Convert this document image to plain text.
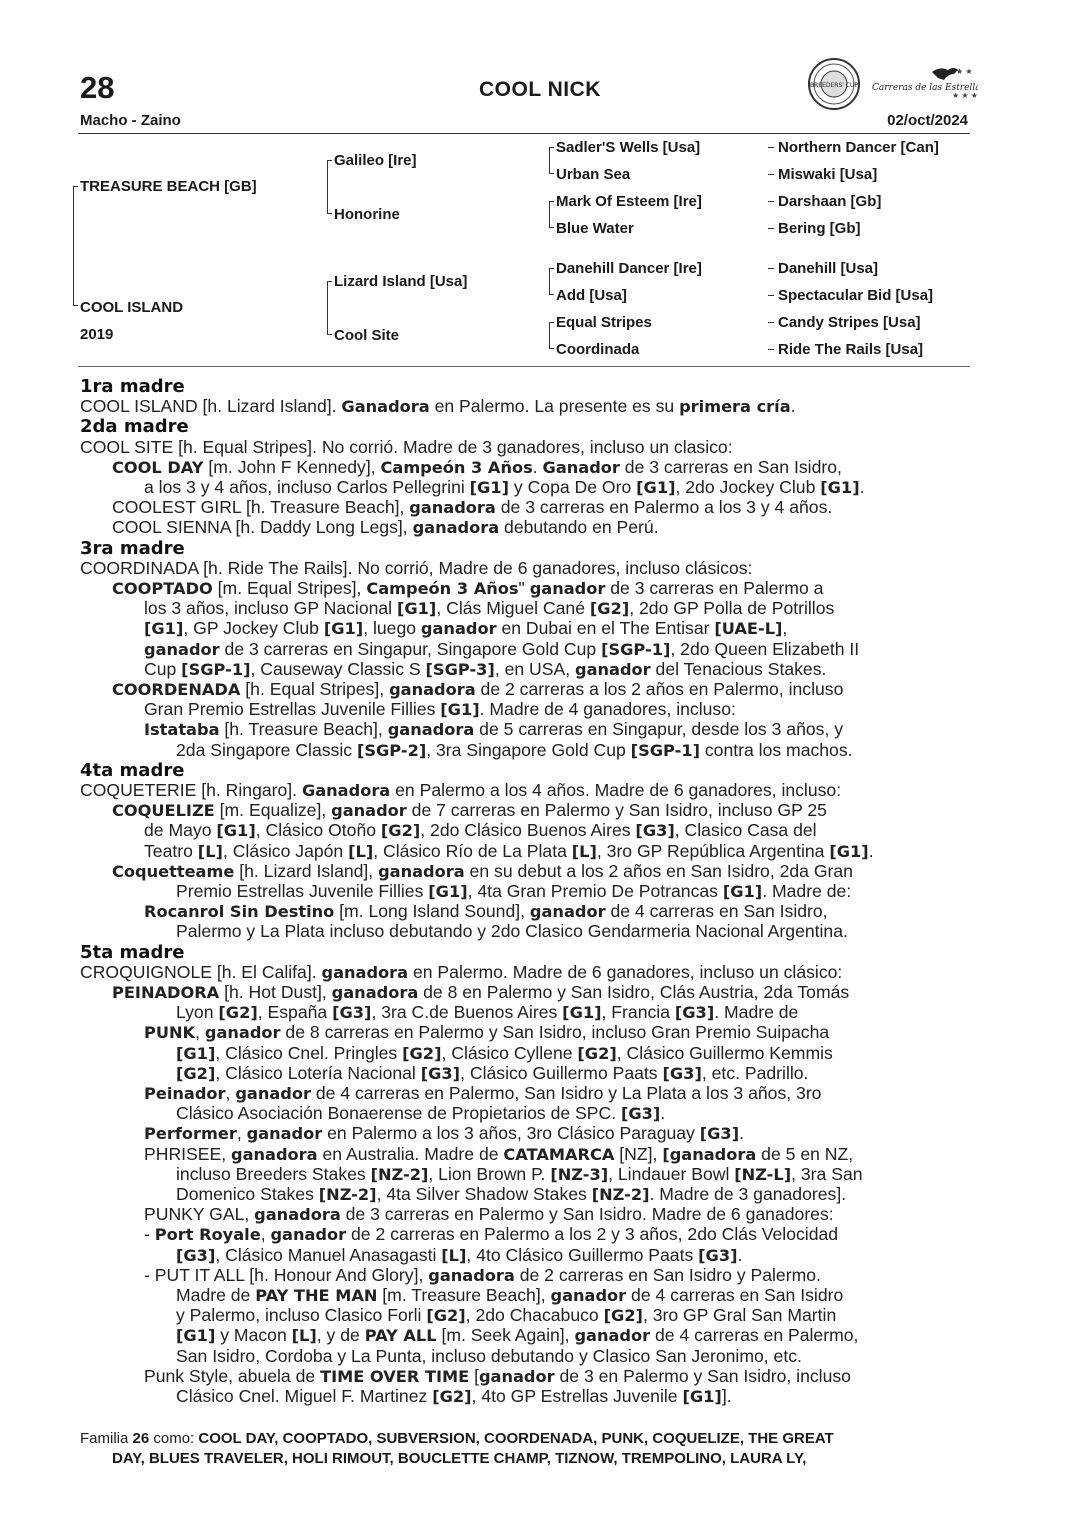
28	COOL NICK
Macho - Zaino	02/oct/2024
BREEDERS' CUP Carreras de las Estrellas
★ ★
★ ★ ★
TREASURE BEACH [GB]
COOL ISLAND
2019
Galileo [Ire]
Honorine
Lizard Island [Usa]
Cool Site
Sadler'S Wells [Usa]
Urban Sea
Mark Of Esteem [Ire]
Blue Water
Danehill Dancer [Ire]
Add [Usa]
Equal Stripes
Coordinada
Northern Dancer [Can]
Miswaki [Usa]
Darshaan [Gb]
Bering [Gb]
Danehill [Usa]
Spectacular Bid [Usa]
Candy Stripes [Usa]
Ride The Rails [Usa]
1ra madre
COOL ISLAND [h. Lizard Island]. Ganadora en Palermo. La presente es su primera cría.
2da madre
COOL SITE [h. Equal Stripes]. No corrió. Madre de 3 ganadores, incluso un clasico:
COOL DAY [m. John F Kennedy], Campeón 3 Años. Ganador de 3 carreras en San Isidro,
a los 3 y 4 años, incluso Carlos Pellegrini [G1] y Copa De Oro [G1], 2do Jockey Club [G1].
COOLEST GIRL [h. Treasure Beach], ganadora de 3 carreras en Palermo a los 3 y 4 años.
COOL SIENNA [h. Daddy Long Legs], ganadora debutando en Perú.
3ra madre
COORDINADA [h. Ride The Rails]. No corrió, Madre de 6 ganadores, incluso clásicos:
COOPTADO [m. Equal Stripes], Campeón 3 Años" ganador de 3 carreras en Palermo a
los 3 años, incluso GP Nacional [G1], Clás Miguel Cané [G2], 2do GP Polla de Potrillos
[G1], GP Jockey Club [G1], luego ganador en Dubai en el The Entisar [UAE-L],
ganador de 3 carreras en Singapur, Singapore Gold Cup [SGP-1], 2do Queen Elizabeth II
Cup [SGP-1], Causeway Classic S [SGP-3], en USA, ganador del Tenacious Stakes.
COORDENADA [h. Equal Stripes], ganadora de 2 carreras a los 2 años en Palermo, incluso
Gran Premio Estrellas Juvenile Fillies [G1]. Madre de 4 ganadores, incluso:
Istataba [h. Treasure Beach], ganadora de 5 carreras en Singapur, desde los 3 años, y
2da Singapore Classic [SGP-2], 3ra Singapore Gold Cup [SGP-1] contra los machos.
4ta madre
COQUETERIE [h. Ringaro]. Ganadora en Palermo a los 4 años. Madre de 6 ganadores, incluso:
COQUELIZE [m. Equalize], ganador de 7 carreras en Palermo y San Isidro, incluso GP 25
de Mayo [G1], Clásico Otoño [G2], 2do Clásico Buenos Aires [G3], Clasico Casa del
Teatro [L], Clásico Japón [L], Clásico Río de La Plata [L], 3ro GP República Argentina [G1].
Coquetteame [h. Lizard Island], ganadora en su debut a los 2 años en San Isidro, 2da Gran
Premio Estrellas Juvenile Fillies [G1], 4ta Gran Premio De Potrancas [G1]. Madre de:
Rocanrol Sin Destino [m. Long Island Sound], ganador de 4 carreras en San Isidro,
Palermo y La Plata incluso debutando y 2do Clasico Gendarmeria Nacional Argentina.
5ta madre
CROQUIGNOLE [h. El Califa]. ganadora en Palermo. Madre de 6 ganadores, incluso un clásico:
PEINADORA [h. Hot Dust], ganadora de 8 en Palermo y San Isidro, Clás Austria, 2da Tomás
Lyon [G2], España [G3], 3ra C.de Buenos Aires [G1], Francia [G3]. Madre de
PUNK, ganador de 8 carreras en Palermo y San Isidro, incluso Gran Premio Suipacha
[G1], Clásico Cnel. Pringles [G2], Clásico Cyllene [G2], Clásico Guillermo Kemmis
[G2], Clásico Lotería Nacional [G3], Clásico Guillermo Paats [G3], etc. Padrillo.
Peinador, ganador de 4 carreras en Palermo, San Isidro y La Plata a los 3 años, 3ro
Clásico Asociación Bonaerense de Propietarios de SPC. [G3].
Performer, ganador en Palermo a los 3 años, 3ro Clásico Paraguay [G3].
PHRISEE, ganadora en Australia. Madre de CATAMARCA [NZ], [ganadora de 5 en NZ,
incluso Breeders Stakes [NZ-2], Lion Brown P. [NZ-3], Lindauer Bowl [NZ-L], 3ra San
Domenico Stakes [NZ-2], 4ta Silver Shadow Stakes [NZ-2]. Madre de 3 ganadores].
PUNKY GAL, ganadora de 3 carreras en Palermo y San Isidro. Madre de 6 ganadores:
- Port Royale, ganador de 2 carreras en Palermo a los 2 y 3 años, 2do Clás Velocidad
[G3], Clásico Manuel Anasagasti [L], 4to Clásico Guillermo Paats [G3].
- PUT IT ALL [h. Honour And Glory], ganadora de 2 carreras en San Isidro y Palermo.
Madre de PAY THE MAN [m. Treasure Beach], ganador de 4 carreras en San Isidro
y Palermo, incluso Clasico Forli [G2], 2do Chacabuco [G2], 3ro GP Gral San Martin
[G1] y Macon [L], y de PAY ALL [m. Seek Again], ganador de 4 carreras en Palermo,
San Isidro, Cordoba y La Punta, incluso debutando y Clasico San Jeronimo, etc.
Punk Style, abuela de TIME OVER TIME [ganador de 3 en Palermo y San Isidro, incluso
Clásico Cnel. Miguel F. Martinez [G2], 4to GP Estrellas Juvenile [G1]].
Familia 26 como: COOL DAY, COOPTADO, SUBVERSION, COORDENADA, PUNK, COQUELIZE, THE GREAT
DAY, BLUES TRAVELER, HOLI RIMOUT, BOUCLETTE CHAMP, TIZNOW, TREMPOLINO, LAURA LY,
